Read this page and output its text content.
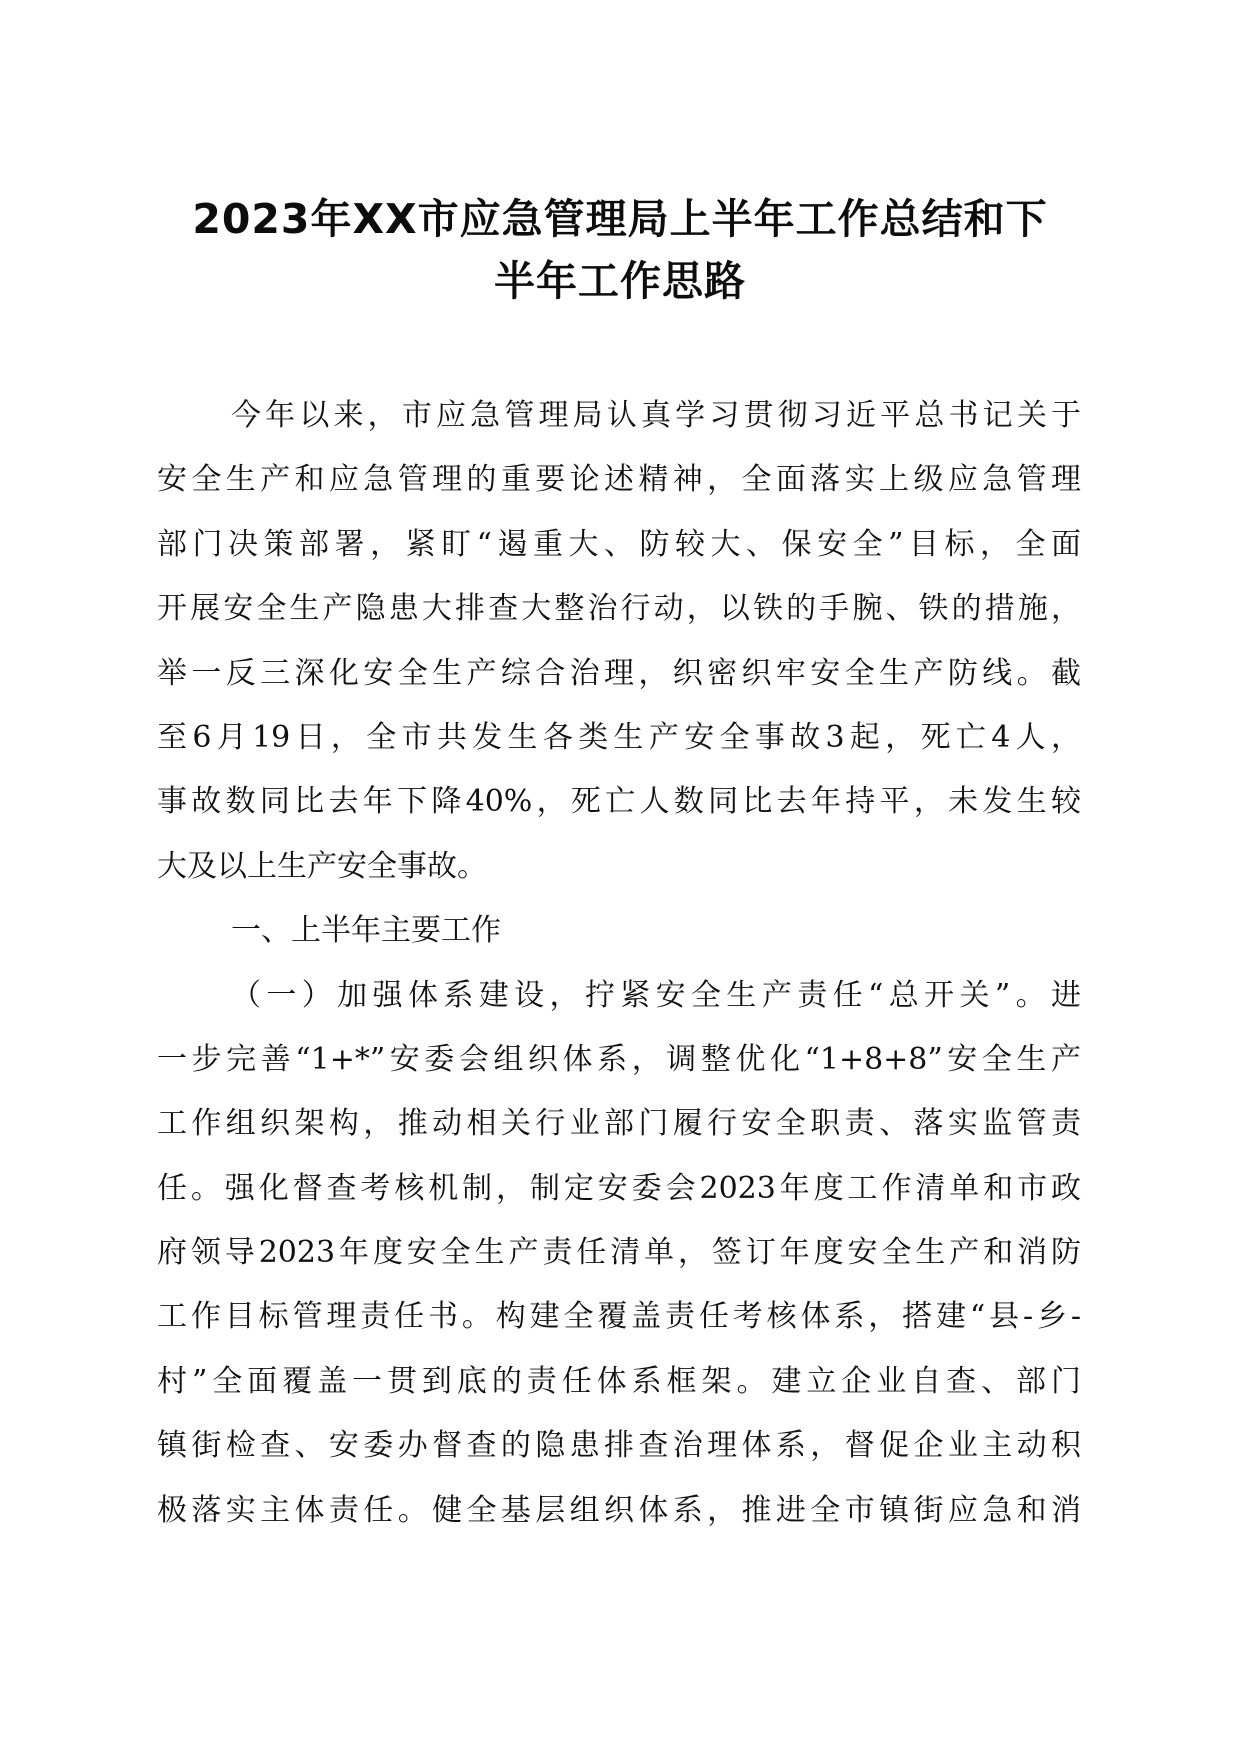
2023年XX市应急管理局上半年工作总结和下
半年工作思路
今年以来，市应急管理局认真学习贯彻习近平总书记关于
安全生产和应急管理的重要论述精神，全面落实上级应急管理
部门决策部署，紧盯“遏重大、防较大、保安全”目标，全面
开展安全生产隐患大排查大整治行动，以铁的手腕、铁的措施，
举一反三深化安全生产综合治理，织密织牢安全生产防线。截
至6月19日，全市共发生各类生产安全事故3起，死亡4人，
事故数同比去年下降40%，死亡人数同比去年持平，未发生较
大及以上生产安全事故。
一、上半年主要工作
（一）加强体系建设，拧紧安全生产责任“总开关”。进
一步完善“1+*”安委会组织体系，调整优化“1+8+8”安全生产
工作组织架构，推动相关行业部门履行安全职责、落实监管责
任。强化督查考核机制，制定安委会2023年度工作清单和市政
府领导2023年度安全生产责任清单，签订年度安全生产和消防
工作目标管理责任书。构建全覆盖责任考核体系，搭建“县-乡-
村”全面覆盖一贯到底的责任体系框架。建立企业自查、部门
镇街检查、安委办督查的隐患排查治理体系，督促企业主动积
极落实主体责任。健全基层组织体系，推进全市镇街应急和消
